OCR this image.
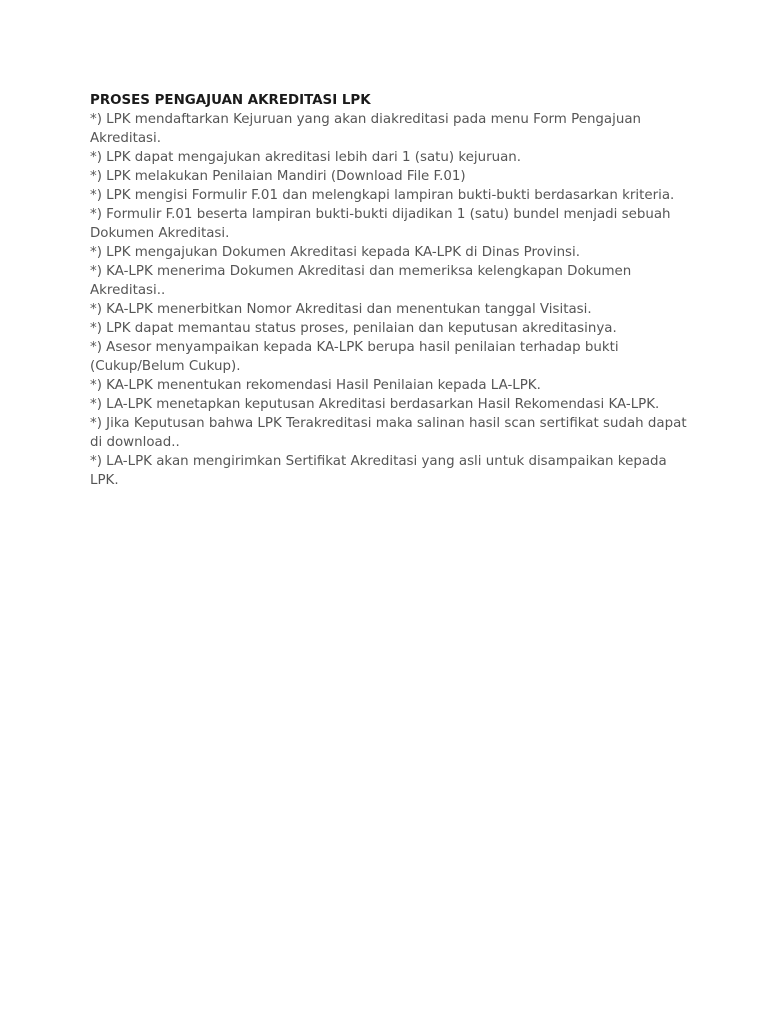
PROSES PENGAJUAN AKREDITASI LPK
*) LPK mendaftarkan Kejuruan yang akan diakreditasi pada menu Form Pengajuan Akreditasi.
*) LPK dapat mengajukan akreditasi lebih dari 1 (satu) kejuruan.
*) LPK melakukan Penilaian Mandiri (Download File F.01)
*) LPK mengisi Formulir F.01 dan melengkapi lampiran bukti-bukti berdasarkan kriteria.
*) Formulir F.01 beserta lampiran bukti-bukti dijadikan 1 (satu) bundel menjadi sebuah Dokumen Akreditasi.
*) LPK mengajukan Dokumen Akreditasi kepada KA-LPK di Dinas Provinsi.
*) KA-LPK menerima Dokumen Akreditasi dan memeriksa kelengkapan Dokumen Akreditasi..
*) KA-LPK menerbitkan Nomor Akreditasi dan menentukan tanggal Visitasi.
*) LPK dapat memantau status proses, penilaian dan keputusan akreditasinya.
*) Asesor menyampaikan kepada KA-LPK berupa hasil penilaian terhadap bukti (Cukup/Belum Cukup).
*) KA-LPK menentukan rekomendasi Hasil Penilaian kepada LA-LPK.
*) LA-LPK menetapkan keputusan Akreditasi berdasarkan Hasil Rekomendasi KA-LPK.
*) Jika Keputusan bahwa LPK Terakreditasi maka salinan hasil scan sertifikat sudah dapat di download..
*) LA-LPK akan mengirimkan Sertifikat Akreditasi yang asli untuk disampaikan kepada LPK.
